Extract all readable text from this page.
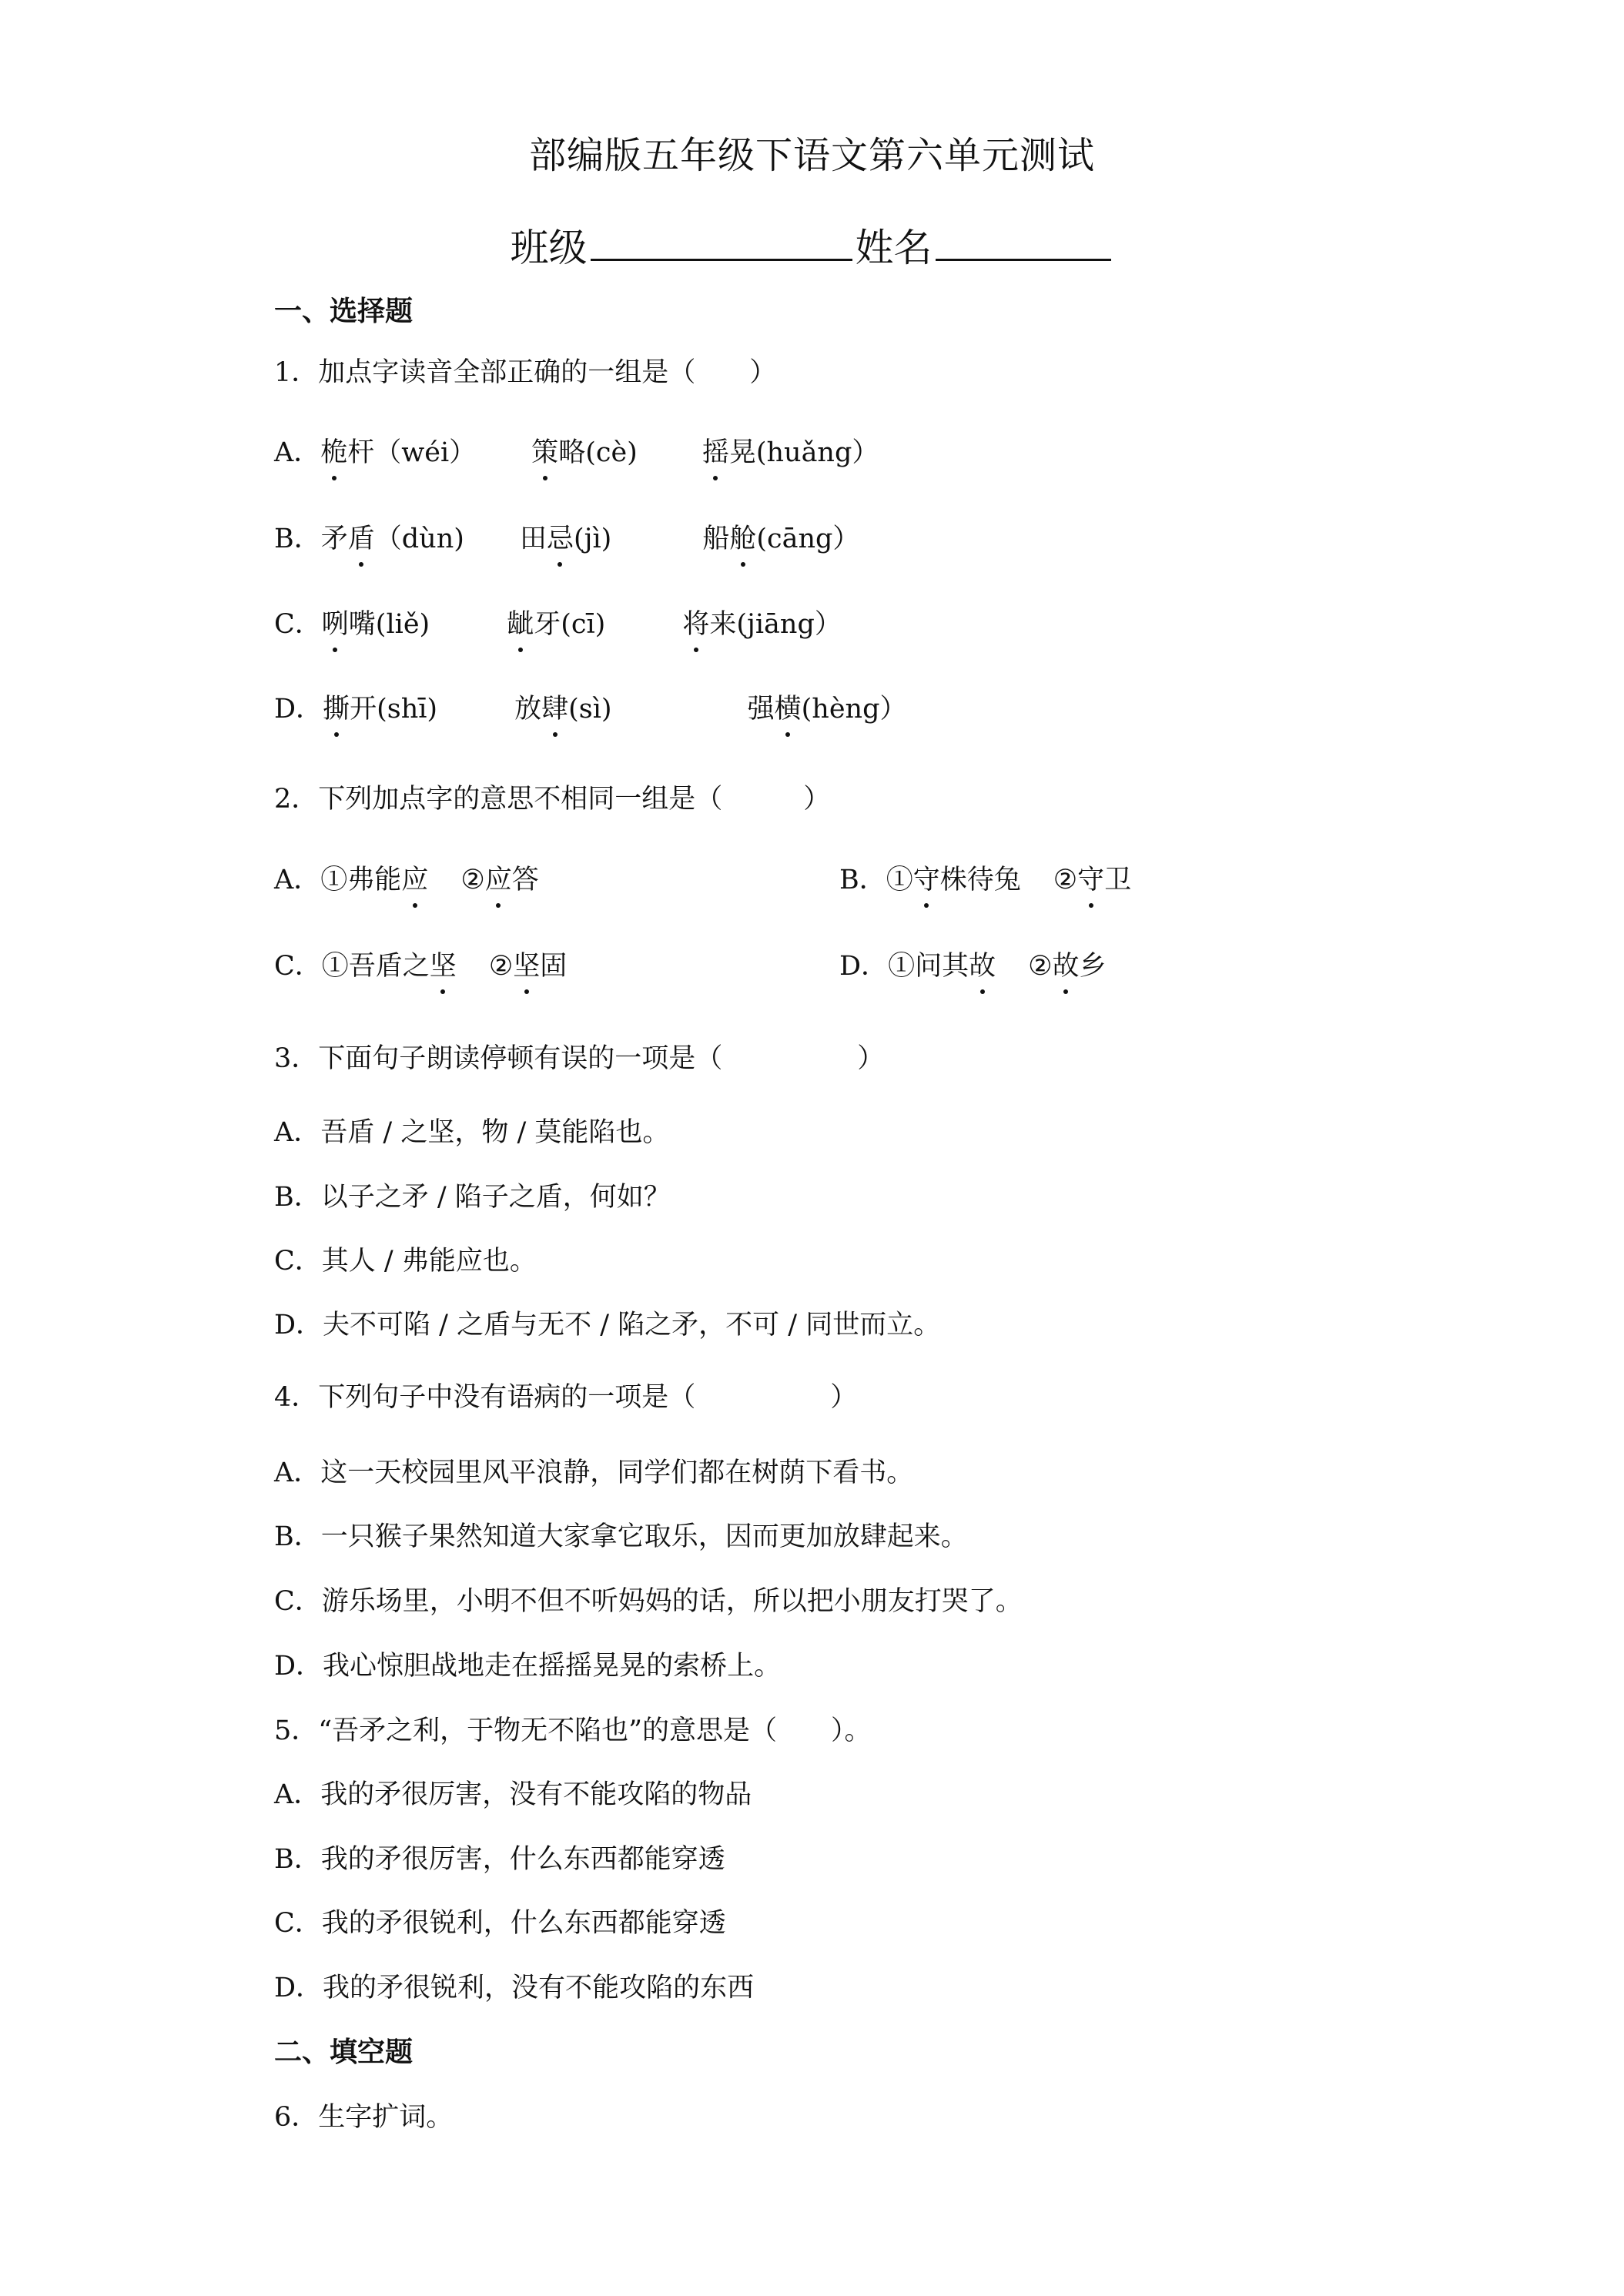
部编版五年级下语文第六单元测试
班级	姓名
一、选择题
1．加点字读音全部正确的一组是（　　）
A．桅杆（wéi） 策略(cè) 摇晃(huǎng）
B．矛盾（dùn) 田忌(jì)	船舱(cāng）
C．咧嘴(liě)	龇牙(cī)	将来(jiāng）
D．撕开(shī)	放肆(sì)	强横(hèng）
2．下列加点字的意思不相同一组是（　　　）
A．①弗能应 ②应答	B．①守株待兔 ②守卫
C．①吾盾之坚 ②坚固	D．①问其故 ②故乡
3．下面句子朗读停顿有误的一项是（　　　　　）
A．吾盾 / 之坚，物 / 莫能陷也。
B．以子之矛 / 陷子之盾，何如？
C．其人 / 弗能应也。
D．夫不可陷 / 之盾与无不 / 陷之矛，不可 / 同世而立。
4．下列句子中没有语病的一项是（　　　　　）
A．这一天校园里风平浪静，同学们都在树荫下看书。
B．一只猴子果然知道大家拿它取乐，因而更加放肆起来。
C．游乐场里，小明不但不听妈妈的话，所以把小朋友打哭了。
D．我心惊胆战地走在摇摇晃晃的索桥上。
5．“吾矛之利，于物无不陷也”的意思是（　　）。
A．我的矛很厉害，没有不能攻陷的物品
B．我的矛很厉害，什么东西都能穿透
C．我的矛很锐利，什么东西都能穿透
D．我的矛很锐利，没有不能攻陷的东西
二、填空题
6．生字扩词。
